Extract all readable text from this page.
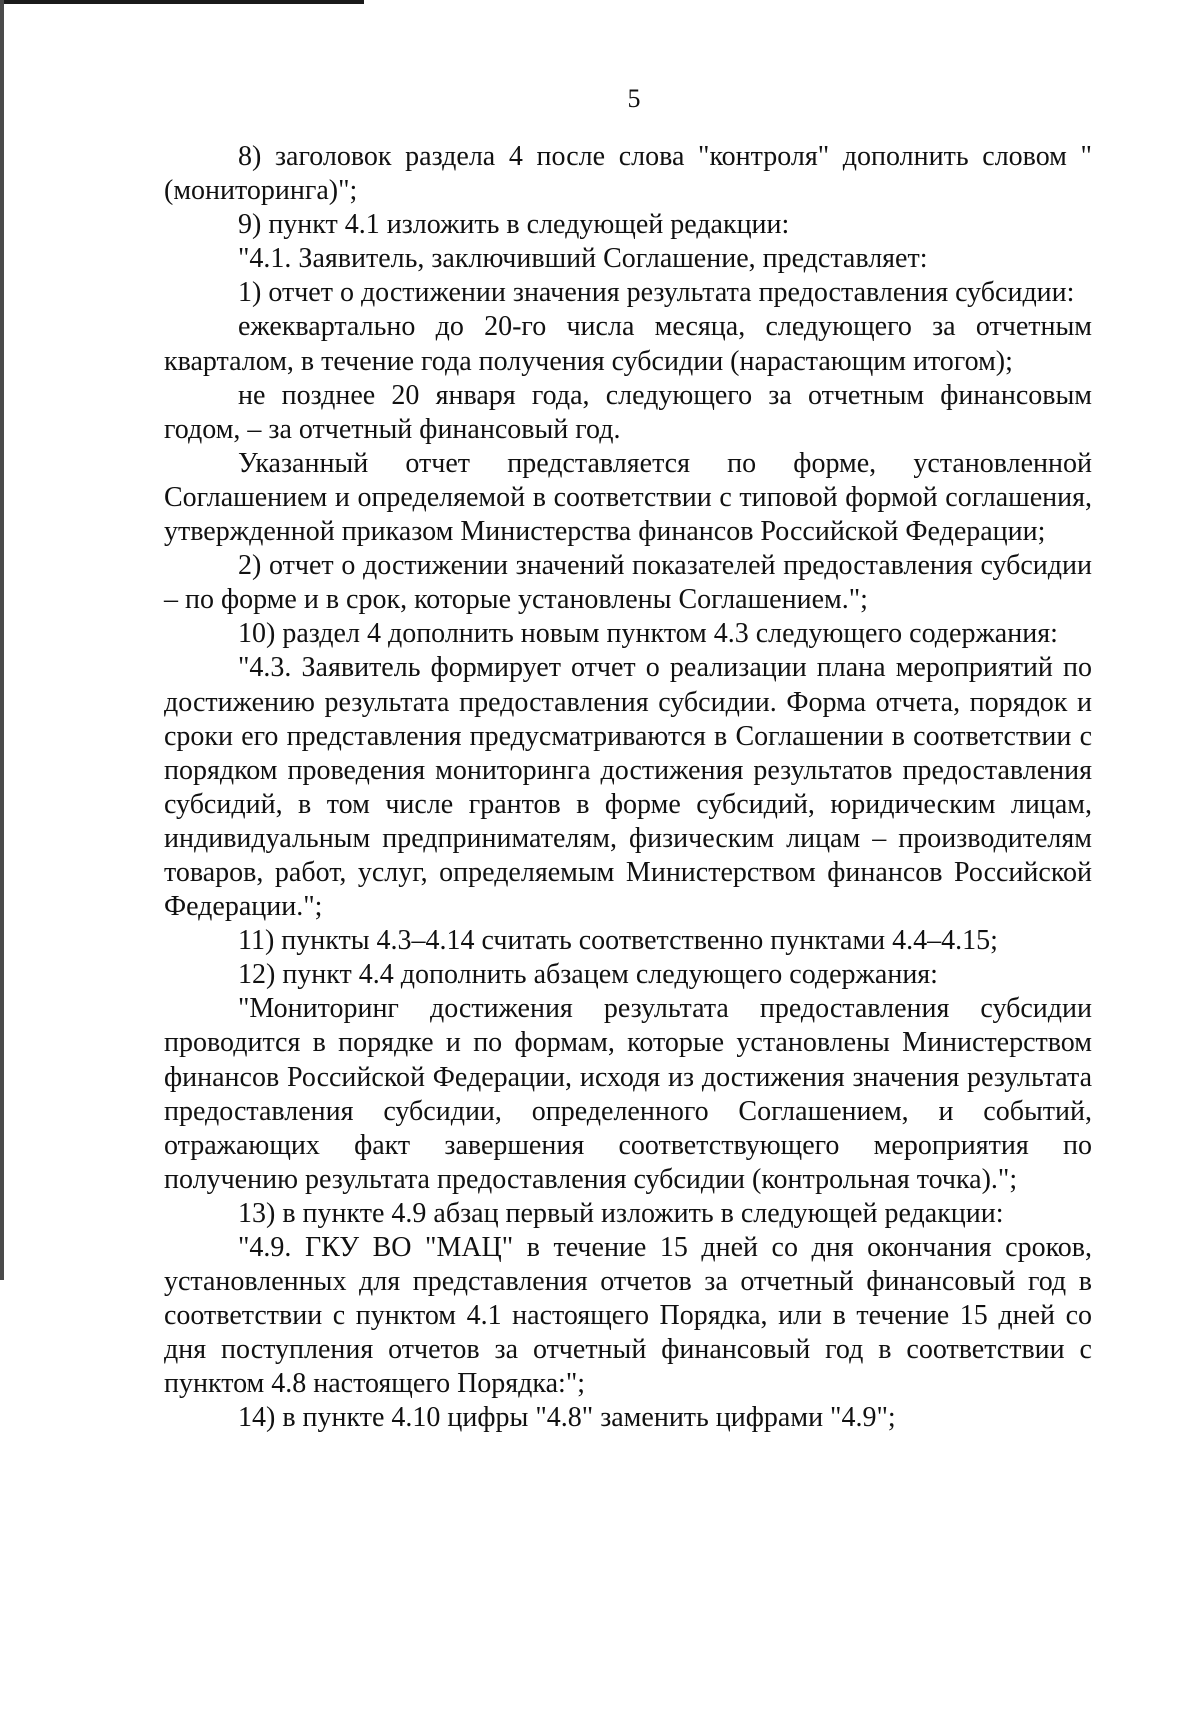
5

8) заголовок раздела 4 после слова "контроля" дополнить словом "(мониторинга)";

9) пункт 4.1 изложить в следующей редакции:

"4.1. Заявитель, заключивший Соглашение, представляет:

1) отчет о достижении значения результата предоставления субсидии:

ежеквартально до 20-го числа месяца, следующего за отчетным кварталом, в течение года получения субсидии (нарастающим итогом);

не позднее 20 января года, следующего за отчетным финансовым годом, – за отчетный финансовый год.

Указанный отчет представляется по форме, установленной Соглашением и определяемой в соответствии с типовой формой соглашения, утвержденной приказом Министерства финансов Российской Федерации;

2) отчет о достижении значений показателей предоставления субсидии – по форме и в срок, которые установлены Соглашением.";

10) раздел 4 дополнить новым пунктом 4.3 следующего содержания:

"4.3. Заявитель формирует отчет о реализации плана мероприятий по достижению результата предоставления субсидии. Форма отчета, порядок и сроки его представления предусматриваются в Соглашении в соответствии с порядком проведения мониторинга достижения результатов предоставления субсидий, в том числе грантов в форме субсидий, юридическим лицам, индивидуальным предпринимателям, физическим лицам – производителям товаров, работ, услуг, определяемым Министерством финансов Российской Федерации.";

11) пункты 4.3–4.14 считать соответственно пунктами 4.4–4.15;

12) пункт 4.4 дополнить абзацем следующего содержания:

"Мониторинг достижения результата предоставления субсидии проводится в порядке и по формам, которые установлены Министерством финансов Российской Федерации, исходя из достижения значения результата предоставления субсидии, определенного Соглашением, и событий, отражающих факт завершения соответствующего мероприятия по получению результата предоставления субсидии (контрольная точка).";

13) в пункте 4.9 абзац первый изложить в следующей редакции:

"4.9. ГКУ ВО "МАЦ" в течение 15 дней со дня окончания сроков, установленных для представления отчетов за отчетный финансовый год в соответствии с пунктом 4.1 настоящего Порядка, или в течение 15 дней со дня поступления отчетов за отчетный финансовый год в соответствии с пунктом 4.8 настоящего Порядка:";

14) в пункте 4.10 цифры "4.8" заменить цифрами "4.9";
